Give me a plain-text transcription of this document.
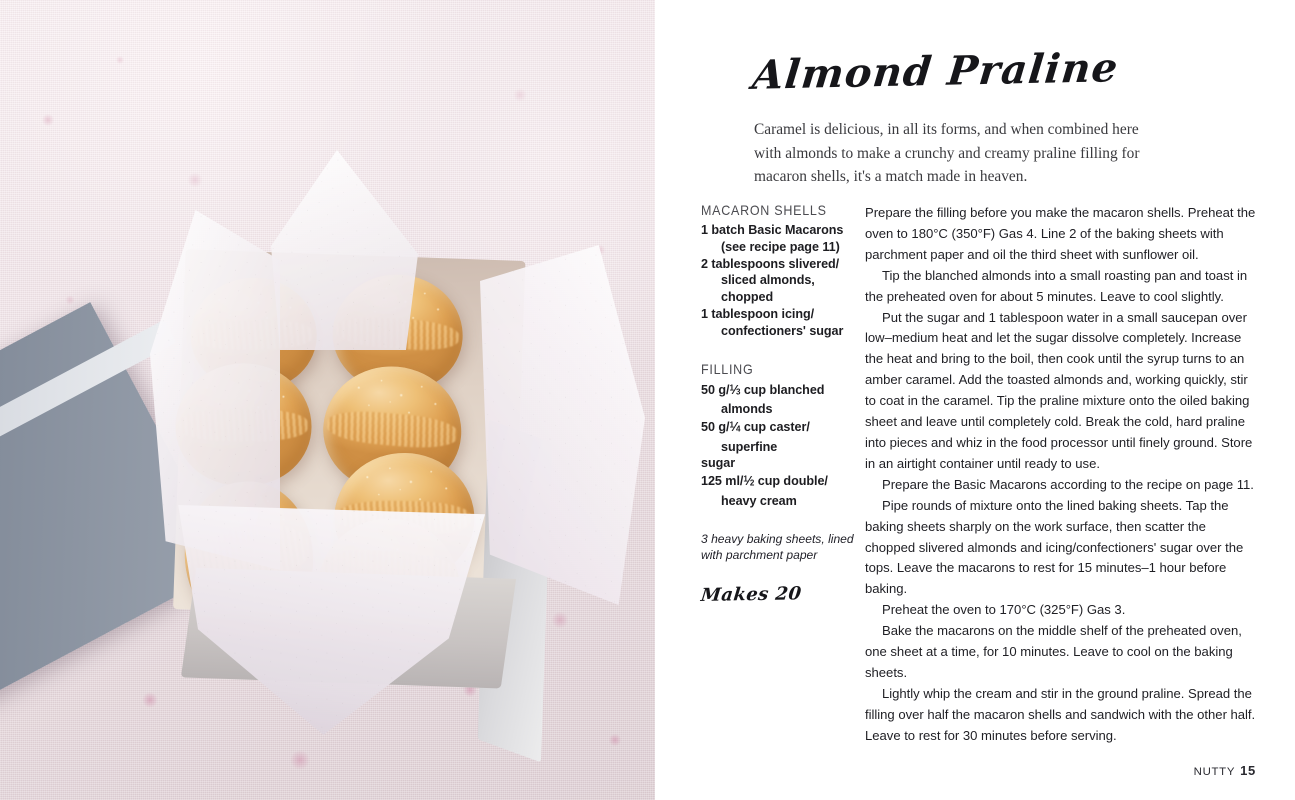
Almond Praline
Caramel is delicious, in all its forms, and when combined here with almonds to make a crunchy and creamy praline filling for macaron shells, it's a match made in heaven.
MACARON SHELLS
1 batch Basic Macarons
(see recipe page 11)
2 tablespoons slivered/
sliced almonds,
chopped
1 tablespoon icing/
confectioners' sugar
FILLING
50 $g/^1⁄_3$ cup blanched
almonds
50 $g/^1⁄_4$ cup caster/
superfine
sugar
125 $ml/^1⁄_2$ cup double/
heavy cream
3 heavy baking sheets, lined with parchment paper
Makes 20

Prepare the filling before you make the macaron shells. Preheat the oven to 180°C (350°F) Gas 4. Line 2 of the baking sheets with parchment paper and oil the third sheet with sunflower oil.

Tip the blanched almonds into a small roasting pan and toast in the preheated oven for about 5 minutes. Leave to cool slightly.

Put the sugar and 1 tablespoon water in a small saucepan over low–medium heat and let the sugar dissolve completely. Increase the heat and bring to the boil, then cook until the syrup turns to an amber caramel. Add the toasted almonds and, working quickly, stir to coat in the caramel. Tip the praline mixture onto the oiled baking sheet and leave until completely cold. Break the cold, hard praline into pieces and whiz in the food processor until finely ground. Store in an airtight container until ready to use.

Prepare the Basic Macarons according to the recipe on page 11.

Pipe rounds of mixture onto the lined baking sheets. Tap the baking sheets sharply on the work surface, then scatter the chopped slivered almonds and icing/confectioners' sugar over the tops. Leave the macarons to rest for 15 minutes–1 hour before baking.

Preheat the oven to 170°C (325°F) Gas 3.

Bake the macarons on the middle shelf of the preheated oven, one sheet at a time, for 10 minutes. Leave to cool on the baking sheets.

Lightly whip the cream and stir in the ground praline. Spread the filling over half the macaron shells and sandwich with the other half. Leave to rest for 30 minutes before serving.

NUTTY 15
